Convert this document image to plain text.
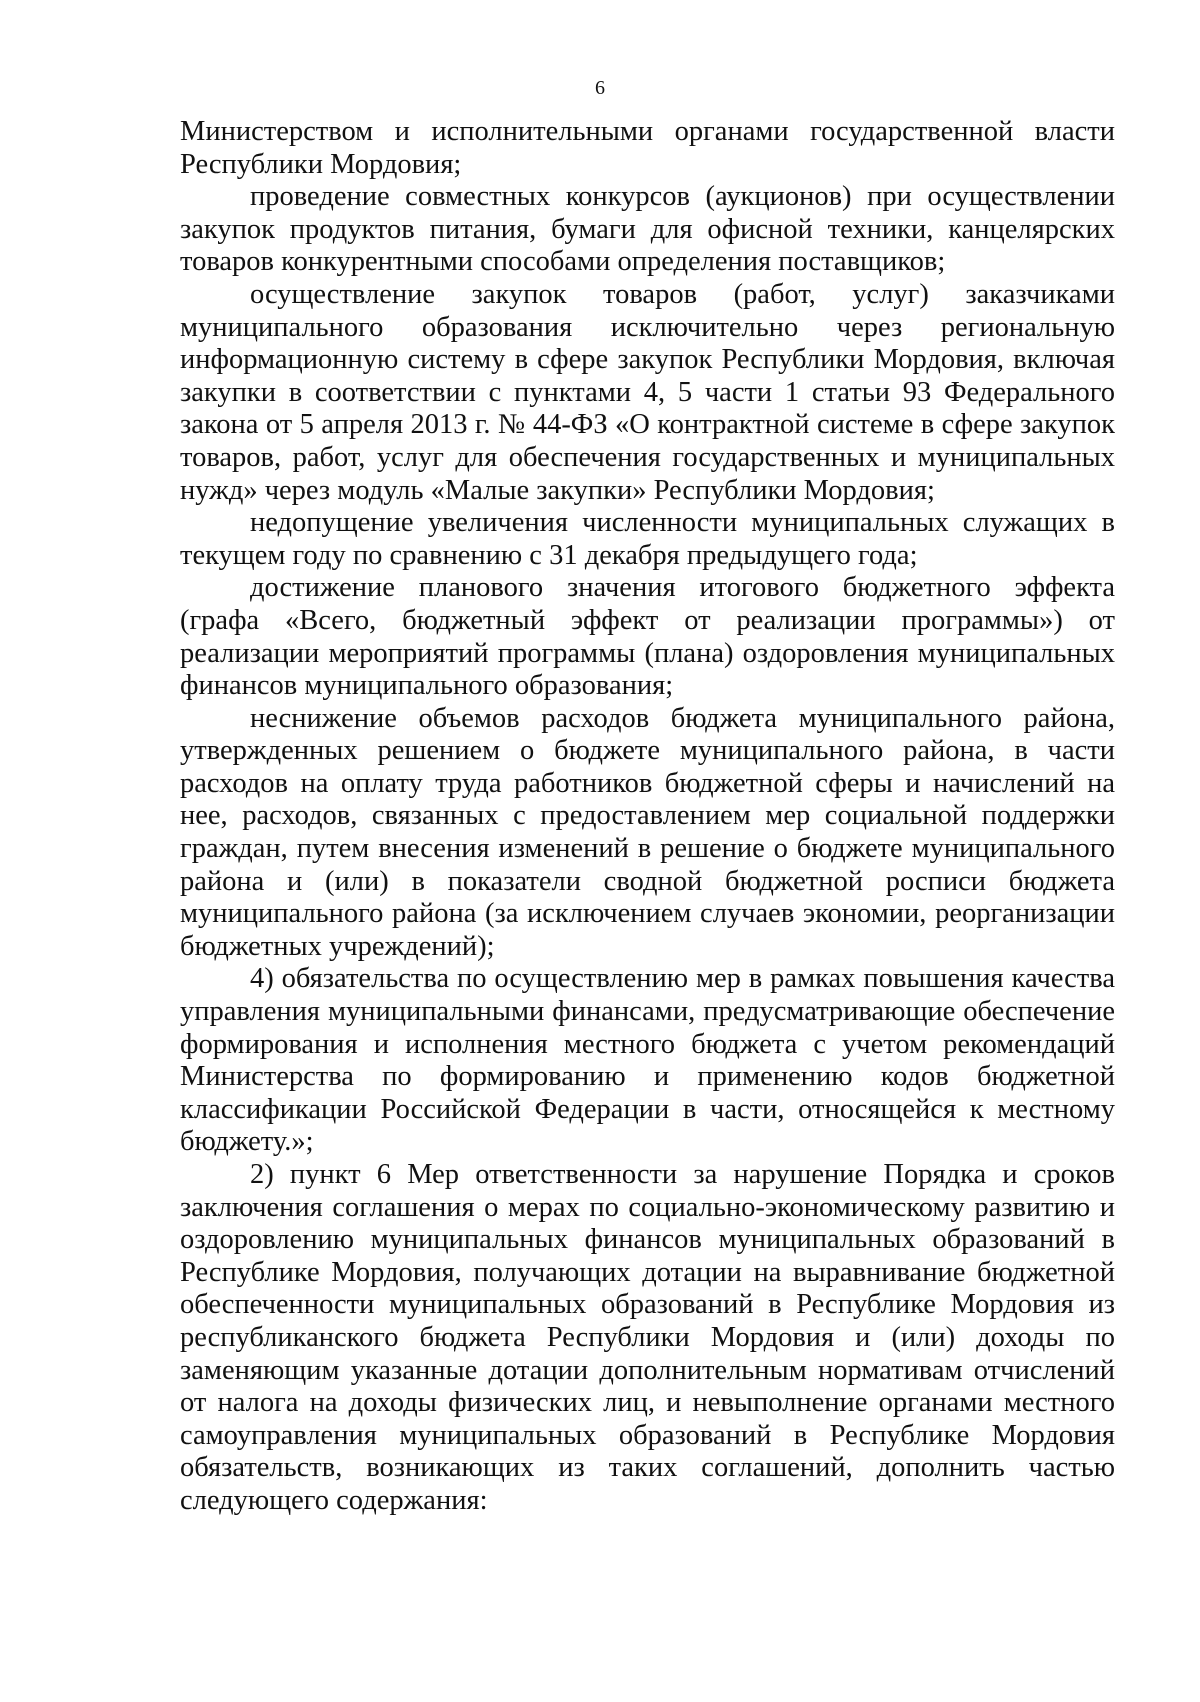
6

Министерством и исполнительными органами государственной власти Республики Мордовия;

проведение совместных конкурсов (аукционов) при осуществлении закупок продуктов питания, бумаги для офисной техники, канцелярских товаров конкурентными способами определения поставщиков;

осуществление закупок товаров (работ, услуг) заказчиками муниципального образования исключительно через региональную информационную систему в сфере закупок Республики Мордовия, включая закупки в соответствии с пунктами 4, 5 части 1 статьи 93 Федерального закона от 5 апреля 2013 г. № 44-ФЗ «О контрактной системе в сфере закупок товаров, работ, услуг для обеспечения государственных и муниципальных нужд» через модуль «Малые закупки» Республики Мордовия;

недопущение увеличения численности муниципальных служащих в текущем году по сравнению с 31 декабря предыдущего года;

достижение планового значения итогового бюджетного эффекта (графа «Всего, бюджетный эффект от реализации программы») от реализации мероприятий программы (плана) оздоровления муниципальных финансов муниципального образования;

неснижение объемов расходов бюджета муниципального района, утвержденных решением о бюджете муниципального района, в части расходов на оплату труда работников бюджетной сферы и начислений на нее, расходов, связанных с предоставлением мер социальной поддержки граждан, путем внесения изменений в решение о бюджете муниципального района и (или) в показатели сводной бюджетной росписи бюджета муниципального района (за исключением случаев экономии, реорганизации бюджетных учреждений);

4) обязательства по осуществлению мер в рамках повышения качества управления муниципальными финансами, предусматривающие обеспечение формирования и исполнения местного бюджета с учетом рекомендаций Министерства по формированию и применению кодов бюджетной классификации Российской Федерации в части, относящейся к местному бюджету.»;

2) пункт 6 Мер ответственности за нарушение Порядка и сроков заключения соглашения о мерах по социально-экономическому развитию и оздоровлению муниципальных финансов муниципальных образований в Республике Мордовия, получающих дотации на выравнивание бюджетной обеспеченности муниципальных образований в Республике Мордовия из республиканского бюджета Республики Мордовия и (или) доходы по заменяющим указанные дотации дополнительным нормативам отчислений от налога на доходы физических лиц, и невыполнение органами местного самоуправления муниципальных образований в Республике Мордовия обязательств, возникающих из таких соглашений, дополнить частью следующего содержания:
